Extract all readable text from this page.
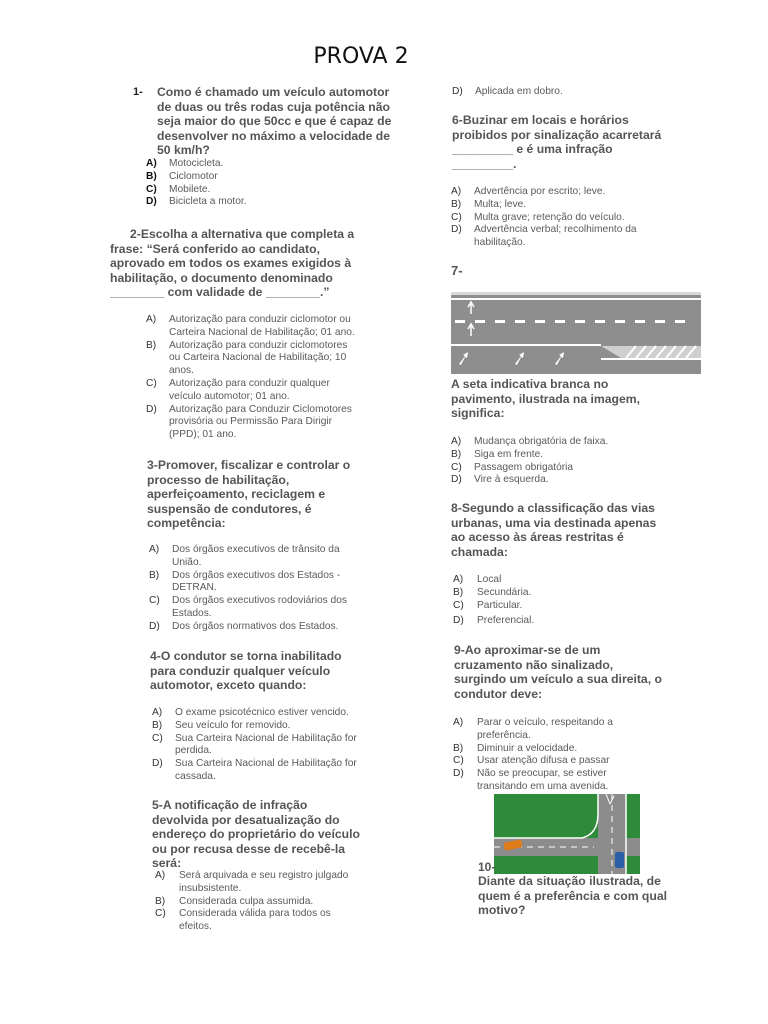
PROVA 2
1- Como é chamado um veículo automotor de duas ou três rodas cuja potência não seja maior do que 50cc e que é capaz de desenvolver no máximo a velocidade de 50 km/h?
A)	Motocicleta.
B)	Ciclomotor
C)	Mobilete.
D)	Bicicleta a motor.
2-Escolha a alternativa que completa a frase: “Será conferido ao candidato, aprovado em todos os exames exigidos à habilitação, o documento denominado ________ com validade de ________.”
A)	Autorização para conduzir ciclomotor ou Carteira Nacional de Habilitação; 01 ano.
B)	Autorização para conduzir ciclomotores ou Carteira Nacional de Habilitação; 10 anos.
C)	Autorização para conduzir qualquer veículo automotor; 01 ano.
D)	Autorização para Conduzir Ciclomotores provisória ou Permissão Para Dirigir (PPD); 01 ano.
3-Promover, fiscalizar e controlar o processo de habilitação, aperfeiçoamento, reciclagem e suspensão de condutores, é competência:
A)	Dos órgãos executivos de trânsito da União.
B)	Dos órgãos executivos dos Estados - DETRAN.
C)	Dos órgãos executivos rodoviários dos Estados.
D)	Dos órgãos normativos dos Estados.
4-O condutor se torna inabilitado para conduzir qualquer veículo automotor, exceto quando:
A)	O exame psicotécnico estiver vencido.
B)	Seu veículo for removido.
C)	Sua Carteira Nacional de Habilitação for perdida.
D)	Sua Carteira Nacional de Habilitação for cassada.
5-A notificação de infração devolvida por desatualização do endereço do proprietário do veículo ou por recusa desse de recebê-la será:
A)	Será arquivada e seu registro julgado insubsistente.
B)	Considerada culpa assumida.
C)	Considerada válida para todos os efeitos.
D)	Aplicada em dobro.
6-Buzinar em locais e horários proibidos por sinalização acarretará _________ e é uma infração _________.
A)	Advertência por escrito; leve.
B)	Multa; leve.
C)	Multa grave; retenção do veículo.
D)	Advertência verbal; recolhimento da habilitação.
7-
A seta indicativa branca no pavimento, ilustrada na imagem, significa:
A)	Mudança obrigatória de faixa.
B)	Siga em frente.
C)	Passagem obrigatória
D)	Vire à esquerda.
8-Segundo a classificação das vias urbanas, uma via destinada apenas ao acesso às áreas restritas é chamada:
A)	Local
B)	Secundária.
C)	Particular.
D)	Preferencial.
9-Ao aproximar-se de um cruzamento não sinalizado, surgindo um veículo a sua direita, o condutor deve:
A)	Parar o veículo, respeitando a preferência.
B)	Diminuir a velocidade.
C)	Usar atenção difusa e passar
D)	Não se preocupar, se estiver transitando em uma avenida.
10-
Diante da situação ilustrada, de quem é a preferência e com qual motivo?
